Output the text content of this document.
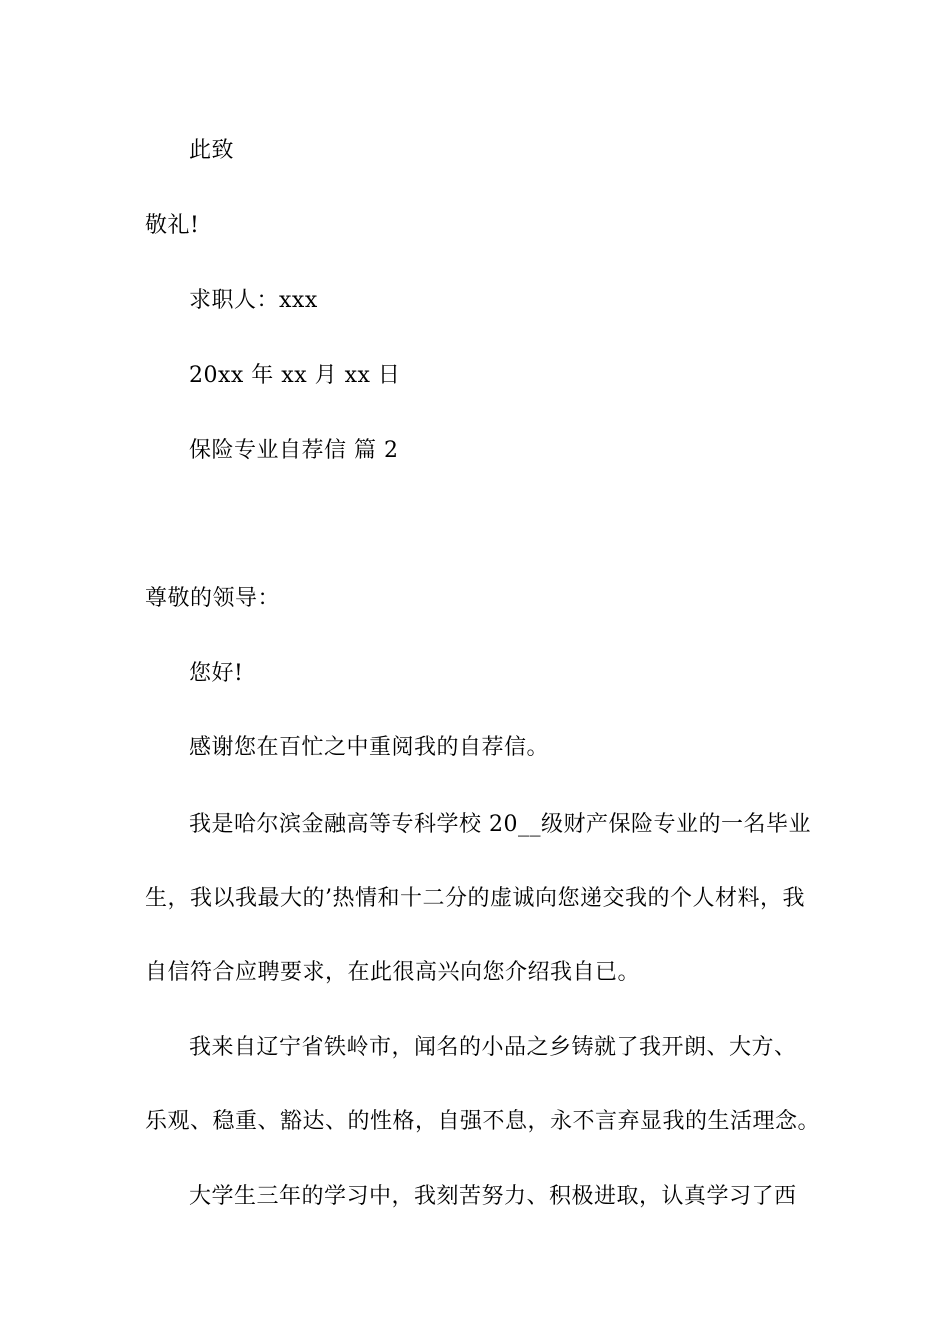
此致
敬礼!
求职人：xxx
20xx 年 xx 月 xx 日
保险专业自荐信 篇 2
尊敬的领导：
您好!
感谢您在百忙之中重阅我的自荐信。
我是哈尔滨金融高等专科学校 20__级财产保险专业的一名毕业
生，我以我最大的’热情和十二分的虚诚向您递交我的个人材料，我
自信符合应聘要求，在此很高兴向您介绍我自已。
我来自辽宁省铁岭市，闻名的小品之乡铸就了我开朗、大方、
乐观、稳重、豁达、的性格，自强不息，永不言弃显我的生活理念。
大学生三年的学习中，我刻苦努力、积极进取，认真学习了西
